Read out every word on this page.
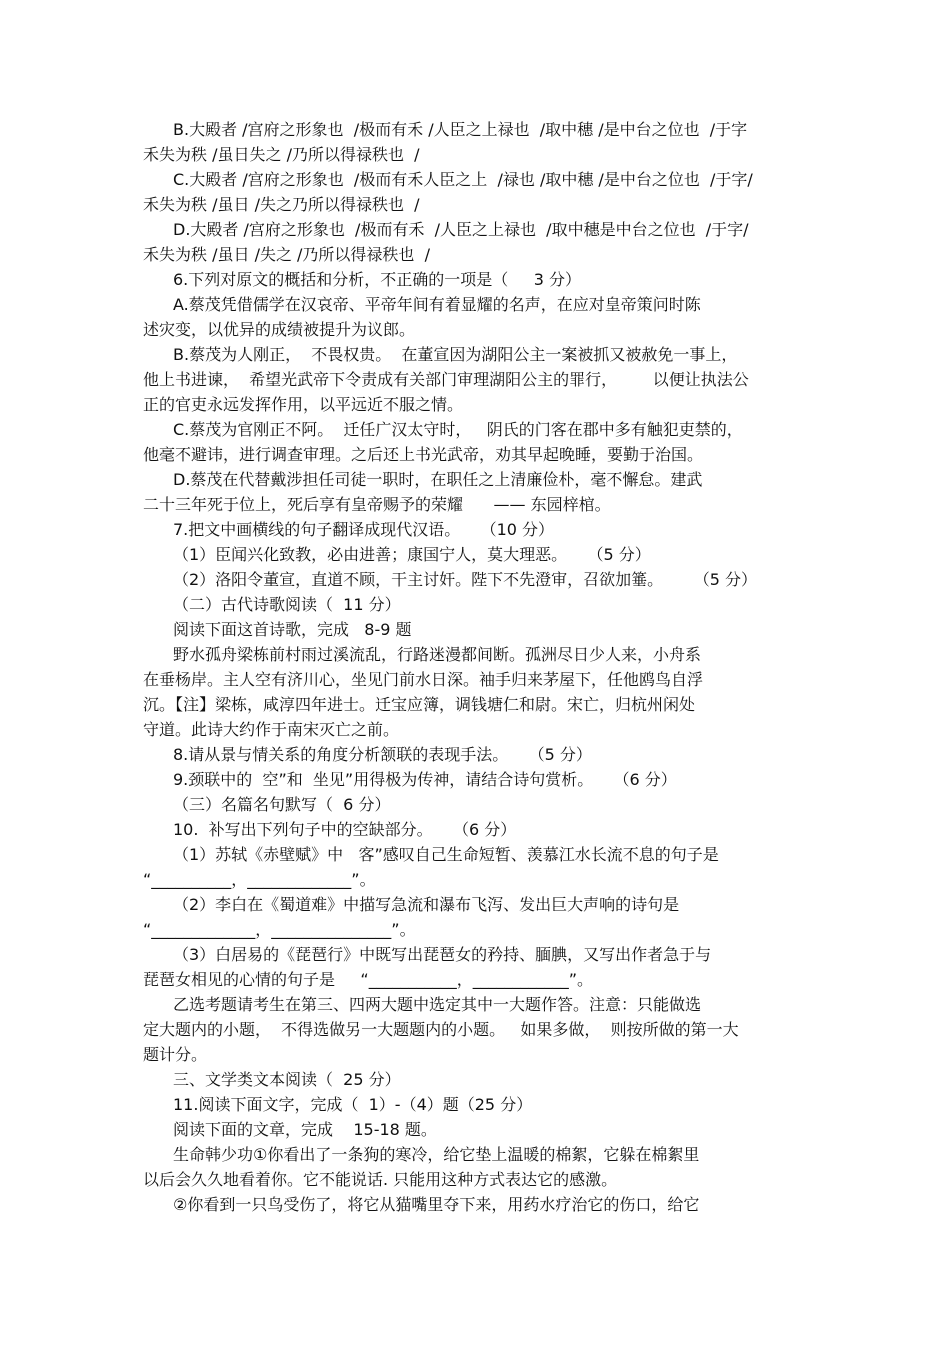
B.大殿者 /宫府之形象也  /极而有禾 /人臣之上禄也  /取中穗 /是中台之位也  /于字
禾失为秩 /虽日失之 /乃所以得禄秩也  /
C.大殿者 /宫府之形象也  /极而有禾人臣之上  /禄也 /取中穗 /是中台之位也  /于字/
禾失为秩 /虽日 /失之乃所以得禄秩也  /
D.大殿者 /宫府之形象也  /极而有禾  /人臣之上禄也  /取中穗是中台之位也  /于字/
禾失为秩 /虽日 /失之 /乃所以得禄秩也  /
6.下列对原文的概括和分析，不正确的一项是（     3 分）
A.蔡茂凭借儒学在汉哀帝、平帝年间有着显耀的名声，在应对皇帝策问时陈
述灾变，以优异的成绩被提升为议郎。
B.蔡茂为人刚正，  不畏权贵。  在董宣因为湖阳公主一案被抓又被赦免一事上，
他上书进谏，  希望光武帝下令责成有关部门审理湖阳公主的罪行，       以便让执法公
正的官吏永远发挥作用，以平远近不服之情。
C.蔡茂为官刚正不阿。  迁任广汉太守时，   阴氏的门客在郡中多有触犯吏禁的，
他毫不避讳，进行调查审理。之后还上书光武帝，劝其早起晚睡，要勤于治国。
D.蔡茂在代替戴涉担任司徒一职时，在职任之上清廉俭朴，毫不懈怠。建武
二十三年死于位上，死后享有皇帝赐予的荣耀      —— 东园梓棺。
7.把文中画横线的句子翻译成现代汉语。    （10 分）
（1）臣闻兴化致教，必由进善；康国宁人，莫大理恶。    （5 分）
（2）洛阳令董宣，直道不顾，干主讨奸。陛下不先澄审，召欲加箠。      （5 分）
（二）古代诗歌阅读（  11 分）
阅读下面这首诗歌，完成   8-9 题
野水孤舟梁栋前村雨过溪流乱，行路迷漫都间断。孤洲尽日少人来，小舟系
在垂杨岸。主人空有济川心，坐见门前水日深。袖手归来茅屋下，任他鸥鸟自浮
沉。【注】梁栋，咸淳四年进士。迁宝应簿，调钱塘仁和尉。宋亡，归杭州闲处
守道。此诗大约作于南宋灭亡之前。
8.请从景与情关系的角度分析颔联的表现手法。    （5 分）
9.颈联中的  空”和  坐见”用得极为传神，请结合诗句赏析。    （6 分）
（三）名篇名句默写（  6 分）
10.  补写出下列句子中的空缺部分。    （6 分）
（1）苏轼《赤壁赋》中   客”感叹自己生命短暂、羡慕江水长流不息的句子是
“__________，_____________”。
（2）李白在《蜀道难》中描写急流和瀑布飞泻、发出巨大声响的诗句是
“_____________，_______________”。
（3）白居易的《琵琶行》中既写出琵琶女的矜持、腼腆，又写出作者急于与
琵琶女相见的心情的句子是     “___________，____________”。
乙选考题请考生在第三、四两大题中选定其中一大题作答。注意：只能做选
定大题内的小题，  不得选做另一大题题内的小题。   如果多做，  则按所做的第一大
题计分。
三、文学类文本阅读（  25 分）
11.阅读下面文字，完成（  1）-（4）题（25 分）
阅读下面的文章，完成    15-18 题。
生命韩少功①你看出了一条狗的寒冷，给它垫上温暖的棉絮，它躲在棉絮里
以后会久久地看着你。它不能说话. 只能用这种方式表达它的感激。
②你看到一只鸟受伤了，将它从猫嘴里夺下来，用药水疗治它的伤口，给它
